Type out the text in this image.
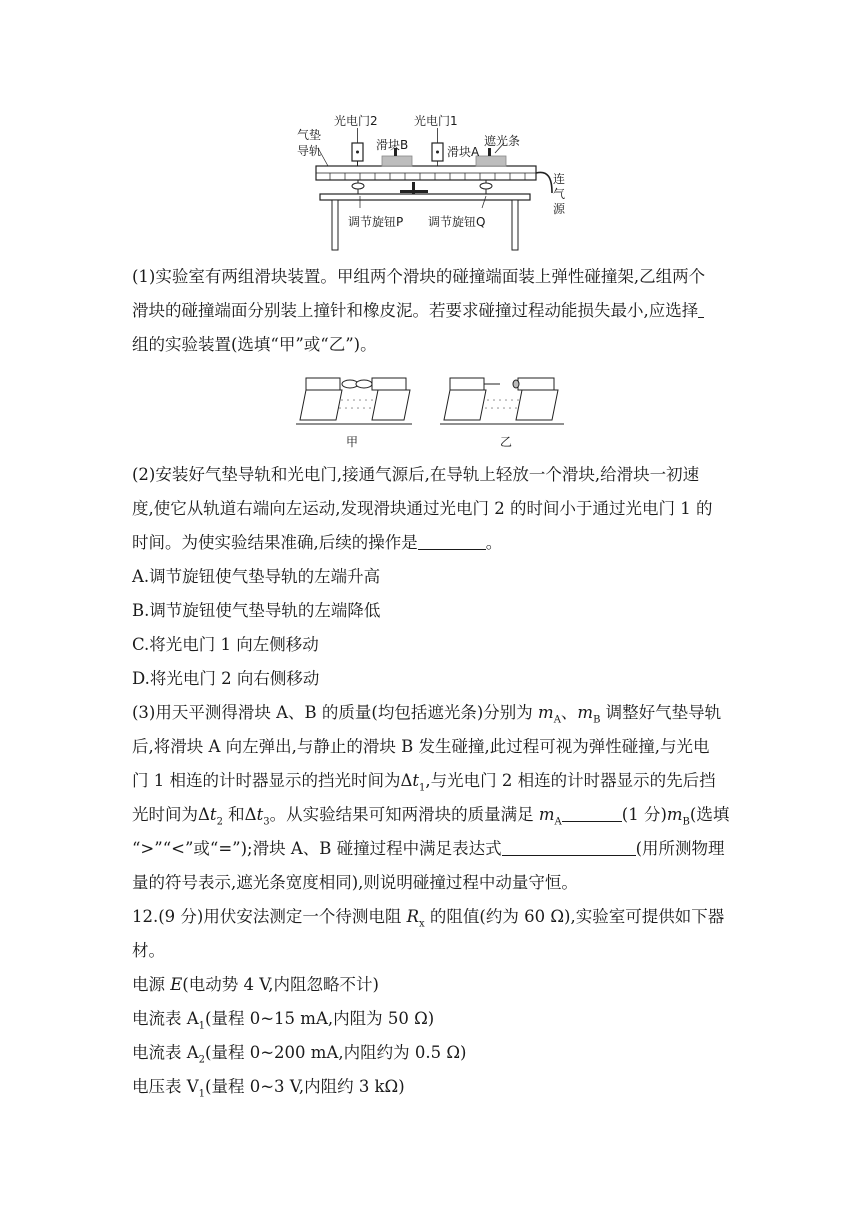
光电门2	光电门1
气垫
导轨	滑块B	滑块A
遮光条
连
气
源
调节旋钮P 调节旋钮Q
(1)实验室有两组滑块装置。甲组两个滑块的碰撞端面装上弹性碰撞架,乙组两个
滑块的碰撞端面分别装上撞针和橡皮泥。若要求碰撞过程动能损失最小,应选择
组的实验装置(选填“甲”或“乙”)。
甲	乙
(2)安装好气垫导轨和光电门,接通气源后,在导轨上轻放一个滑块,给滑块一初速
度,使它从轨道右端向左运动,发现滑块通过光电门 2 的时间小于通过光电门 1 的
时间。为使实验结果准确,后续的操作是	。
A.调节旋钮使气垫导轨的左端升高
B.调节旋钮使气垫导轨的左端降低
C.将光电门 1 向左侧移动
D.将光电门 2 向右侧移动
(3)用天平测得滑块 A、B 的质量(均包括遮光条)分别为 $m_A$、$m_B$ 调整好气垫导轨
后,将滑块 A 向左弹出,与静止的滑块 B 发生碰撞,此过程可视为弹性碰撞,与光电
门 1 相连的计时器显示的挡光时间为$\Delta t_1$,与光电门 2 相连的计时器显示的先后挡
光时间为$\Delta t_2$ 和$\Delta t_3$。从实验结果可知两滑块的质量满足 $m_A$	(1 分)$m_B$(选填
“>”“<”或“=”);滑块 A、B 碰撞过程中满足表达式	(用所测物理
量的符号表示,遮光条宽度相同),则说明碰撞过程中动量守恒。
12.(9 分)用伏安法测定一个待测电阻 $R_x$ 的阻值(约为 60 Ω),实验室可提供如下器
材。
电源 E(电动势 4 V,内阻忽略不计)
电流表 $A_1$(量程 0~15 mA,内阻为 50 Ω)
电流表 $A_2$(量程 0~200 mA,内阻约为 0.5 Ω)
电压表 $V_1$(量程 0~3 V,内阻约 3 kΩ)
